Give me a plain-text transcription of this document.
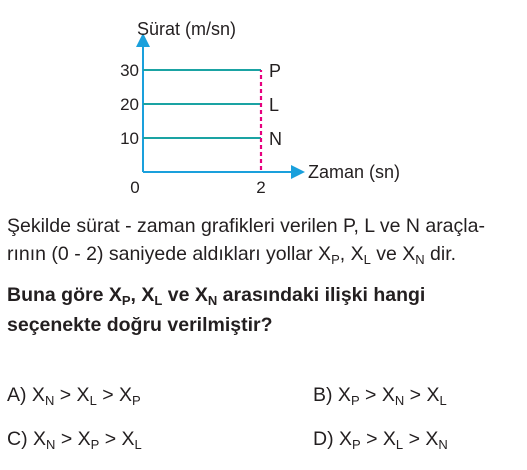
10
20
30
0	2
P
L
N
Sürat (m/sn)
Zaman (sn)
Şekilde sürat - zaman grafikleri verilen P, L ve N araçla-
rının (0 - 2) saniyede aldıkları yollar $X_P$, $X_L$ ve $X_N$ dir.
Buna göre $X_P$, $X_L$ ve $X_N$ arasındaki ilişki hangi
seçenekte doğru verilmiştir?
A) $X_N > X_L > X_P$	B) $X_P > X_N > X_L$
C) $X_N > X_P > X_L$	D) $X_P > X_L > X_N$
